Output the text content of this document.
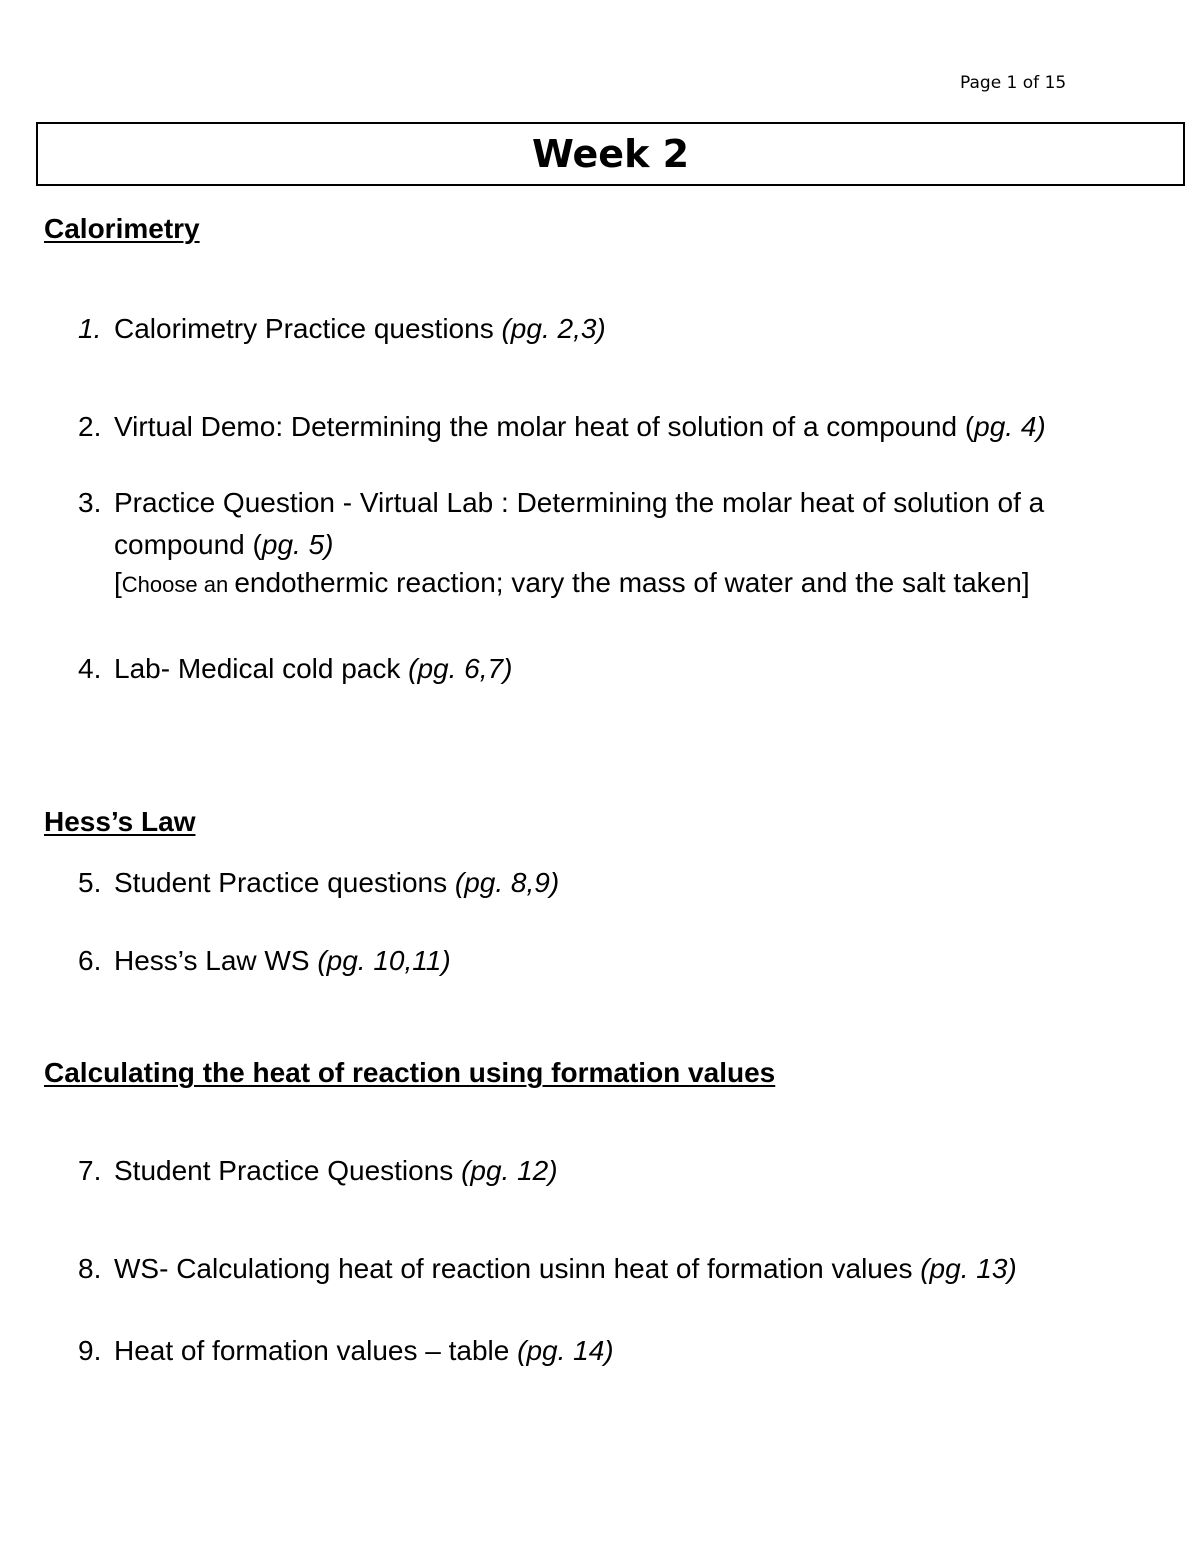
Page 1 of 15
Week 2
Calorimetry
1. Calorimetry Practice questions (pg. 2,3)
2. Virtual Demo: Determining the molar heat of solution of a compound (pg. 4)
3. Practice Question - Virtual Lab : Determining the molar heat of solution of a
compound (pg. 5)
[Choose an endothermic reaction; vary the mass of water and the salt taken]
4. Lab- Medical cold pack (pg. 6,7)
Hess’s Law
5. Student Practice questions (pg. 8,9)
6. Hess’s Law WS (pg. 10,11)
Calculating the heat of reaction using formation values
7. Student Practice Questions (pg. 12)
8. WS- Calculationg heat of reaction usinn heat of formation values (pg. 13)
9. Heat of formation values – table (pg. 14)
